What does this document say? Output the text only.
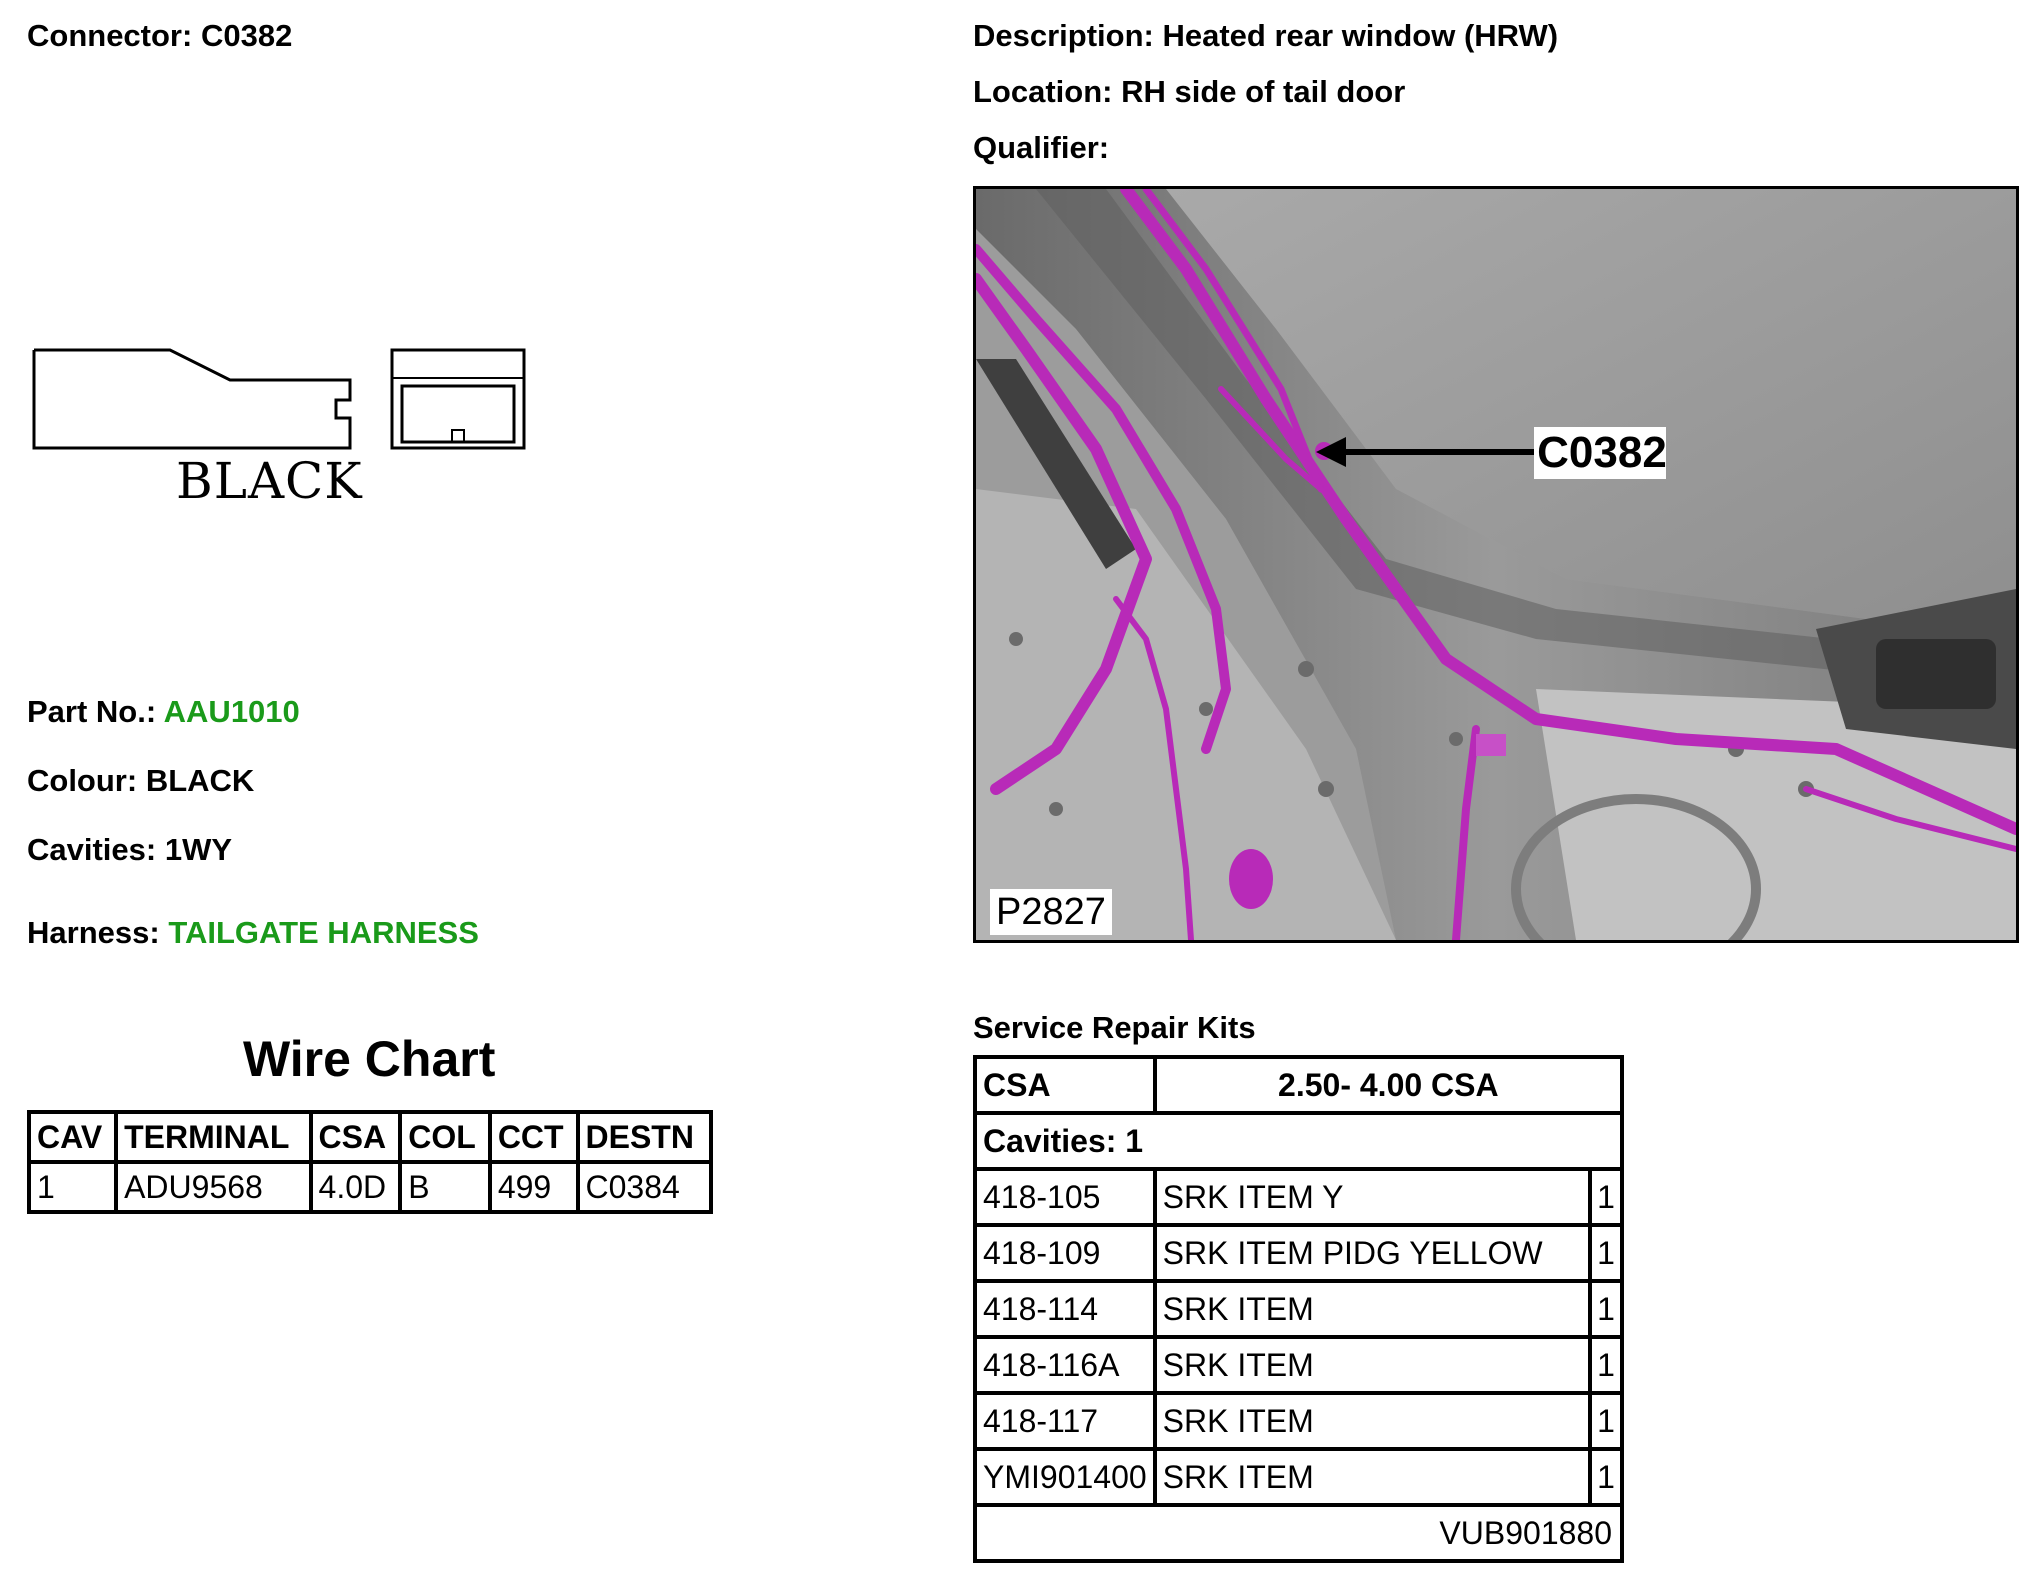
Connector: C0382	Description: Heated rear window (HRW)
Location: RH side of tail door
Qualifier:
BLACK
Part No.: AAU1010
Colour: BLACK
Cavities: 1WY
Harness: TAILGATE HARNESS
Wire Chart
CAV	TERMINAL	CSA	COL	CCT	DESTN
1	ADU9568	4.0D	B	499	C0384
C0382
P2827
Service Repair Kits
CSA	2.50- 4.00 CSA	
Cavities: 1		
418-105	SRK ITEM Y	1
418-109	SRK ITEM PIDG YELLOW	1
418-114	SRK ITEM	1
418-116A	SRK ITEM	1
418-117	SRK ITEM	1
YMI901400	SRK ITEM	1
VUB901880		
